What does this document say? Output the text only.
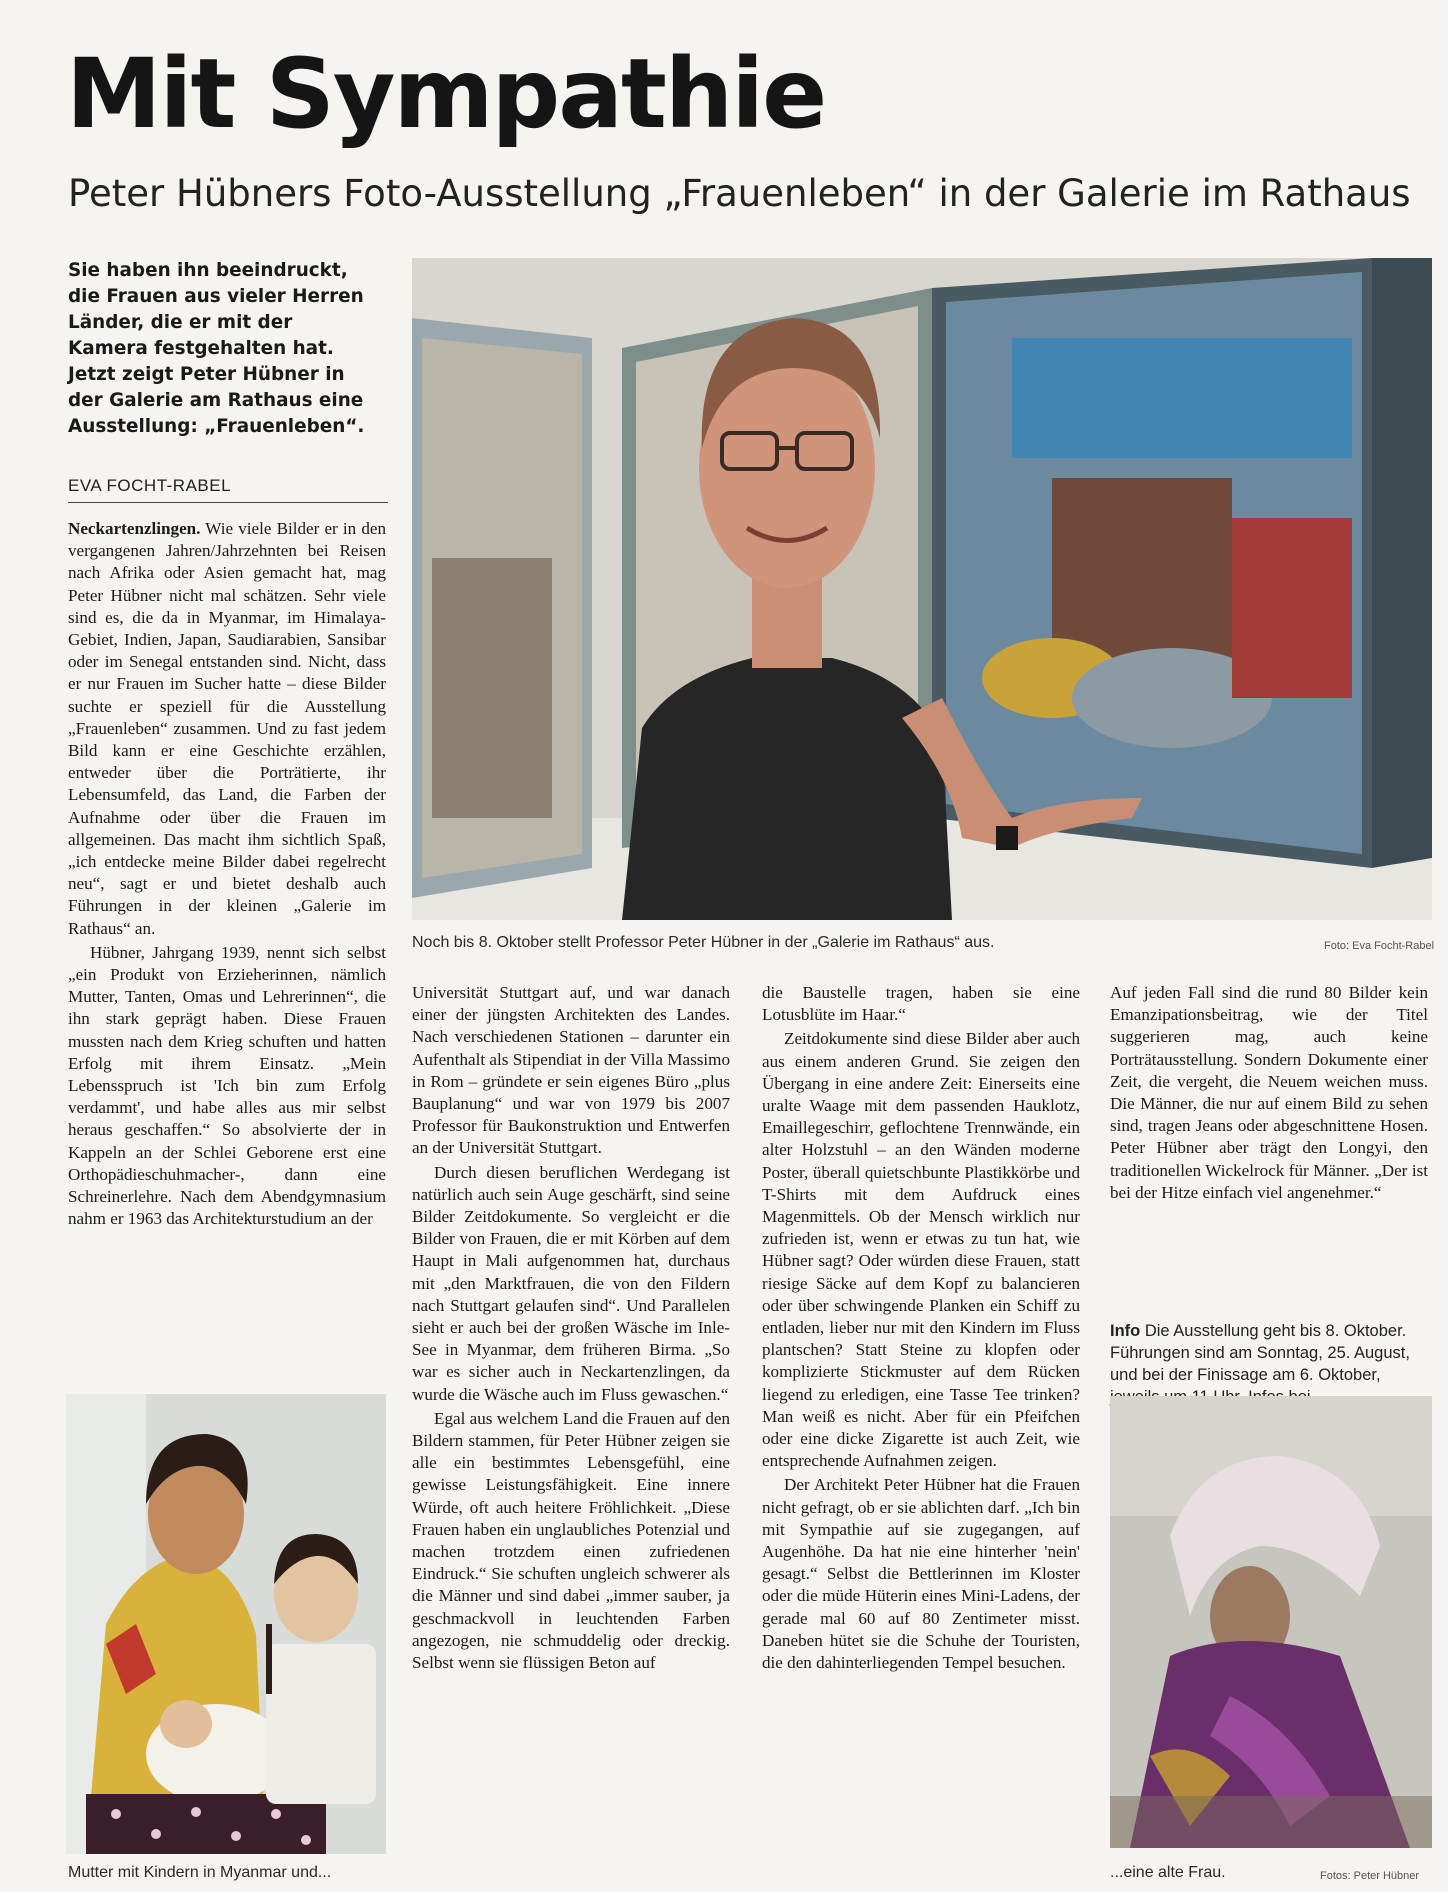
Mit Sympathie
Peter Hübners Foto-Ausstellung „Frauenleben“ in der Galerie im Rathaus

Sie haben ihn beeindruckt, die Frauen aus vieler Herren Länder, die er mit der Kamera festgehalten hat. Jetzt zeigt Peter Hübner in der Galerie am Rathaus eine Ausstellung: „Frauenleben“.

EVA FOCHT-RABEL
Noch bis 8. Oktober stellt Professor Peter Hübner in der „Galerie im Rathaus“ aus.	Foto: Eva Focht-Rabel

Neckartenzlingen. Wie viele Bilder er in den vergangenen Jahren/Jahrzehnten bei Reisen nach Afrika oder Asien gemacht hat, mag Peter Hübner nicht mal schätzen. Sehr viele sind es, die da in Myanmar, im Himalaya-Gebiet, Indien, Japan, Saudiarabien, Sansibar oder im Senegal entstanden sind. Nicht, dass er nur Frauen im Sucher hatte – diese Bilder suchte er speziell für die Ausstellung „Frauenleben“ zusammen. Und zu fast jedem Bild kann er eine Geschichte erzählen, entweder über die Porträtierte, ihr Lebensumfeld, das Land, die Farben der Aufnahme oder über die Frauen im allgemeinen. Das macht ihm sichtlich Spaß, „ich entdecke meine Bilder dabei regelrecht neu“, sagt er und bietet deshalb auch Führungen in der kleinen „Galerie im Rathaus“ an.

Hübner, Jahrgang 1939, nennt sich selbst „ein Produkt von Erzieherinnen, nämlich Mutter, Tanten, Omas und Lehrerinnen“, die ihn stark geprägt haben. Diese Frauen mussten nach dem Krieg schuften und hatten Erfolg mit ihrem Einsatz. „Mein Lebensspruch ist 'Ich bin zum Erfolg verdammt', und habe alles aus mir selbst heraus geschaffen.“ So absolvierte der in Kappeln an der Schlei Geborene erst eine Orthopädieschuhmacher-, dann eine Schreinerlehre. Nach dem Abendgymnasium nahm er 1963 das Architekturstudium an der

Universität Stuttgart auf, und war danach einer der jüngsten Architekten des Landes. Nach verschiedenen Stationen – darunter ein Aufenthalt als Stipendiat in der Villa Massimo in Rom – gründete er sein eigenes Büro „plus Bauplanung“ und war von 1979 bis 2007 Professor für Baukonstruktion und Entwerfen an der Universität Stuttgart.

Durch diesen beruflichen Werdegang ist natürlich auch sein Auge geschärft, sind seine Bilder Zeitdokumente. So vergleicht er die Bilder von Frauen, die er mit Körben auf dem Haupt in Mali aufgenommen hat, durchaus mit „den Marktfrauen, die von den Fildern nach Stuttgart gelaufen sind“. Und Parallelen sieht er auch bei der großen Wäsche im Inle-See in Myanmar, dem früheren Birma. „So war es sicher auch in Neckartenzlingen, da wurde die Wäsche auch im Fluss gewaschen.“

Egal aus welchem Land die Frauen auf den Bildern stammen, für Peter Hübner zeigen sie alle ein bestimmtes Lebensgefühl, eine gewisse Leistungsfähigkeit. Eine innere Würde, oft auch heitere Fröhlichkeit. „Diese Frauen haben ein unglaubliches Potenzial und machen trotzdem einen zufriedenen Eindruck.“ Sie schuften ungleich schwerer als die Männer und sind dabei „immer sauber, ja geschmackvoll in leuchtenden Farben angezogen, nie schmuddelig oder dreckig. Selbst wenn sie flüssigen Beton auf

die Baustelle tragen, haben sie eine Lotusblüte im Haar.“

Zeitdokumente sind diese Bilder aber auch aus einem anderen Grund. Sie zeigen den Übergang in eine andere Zeit: Einerseits eine uralte Waage mit dem passenden Hauklotz, Emaillegeschirr, geflochtene Trennwände, ein alter Holzstuhl – an den Wänden moderne Poster, überall quietschbunte Plastikkörbe und T-Shirts mit dem Aufdruck eines Magenmittels. Ob der Mensch wirklich nur zufrieden ist, wenn er etwas zu tun hat, wie Hübner sagt? Oder würden diese Frauen, statt riesige Säcke auf dem Kopf zu balancieren oder über schwingende Planken ein Schiff zu entladen, lieber nur mit den Kindern im Fluss plantschen? Statt Steine zu klopfen oder komplizierte Stickmuster auf dem Rücken liegend zu erledigen, eine Tasse Tee trinken? Man weiß es nicht. Aber für ein Pfeifchen oder eine dicke Zigarette ist auch Zeit, wie entsprechende Aufnahmen zeigen.

Der Architekt Peter Hübner hat die Frauen nicht gefragt, ob er sie ablichten darf. „Ich bin mit Sympathie auf sie zugegangen, auf Augenhöhe. Da hat nie eine hinterher 'nein' gesagt.“ Selbst die Bettlerinnen im Kloster oder die müde Hüterin eines Mini-Ladens, der gerade mal 60 auf 80 Zentimeter misst. Daneben hütet sie die Schuhe der Touristen, die den dahinterliegenden Tempel besuchen.

Auf jeden Fall sind die rund 80 Bilder kein Emanzipationsbeitrag, wie der Titel suggerieren mag, auch keine Porträtausstellung. Sondern Dokumente einer Zeit, die vergeht, die Neuem weichen muss. Die Männer, die nur auf einem Bild zu sehen sind, tragen Jeans oder abgeschnittene Hosen. Peter Hübner aber trägt den Longyi, den traditionellen Wickelrock für Männer. „Der ist bei der Hitze einfach viel angenehmer.“

Info Die Ausstellung geht bis 8. Oktober. Führungen sind am Sonntag, 25. August, und bei der Finissage am 6. Oktober,
Mutter mit Kindern in Myanmar und...	...eine alte Frau.	Fotos: Peter Hübner
